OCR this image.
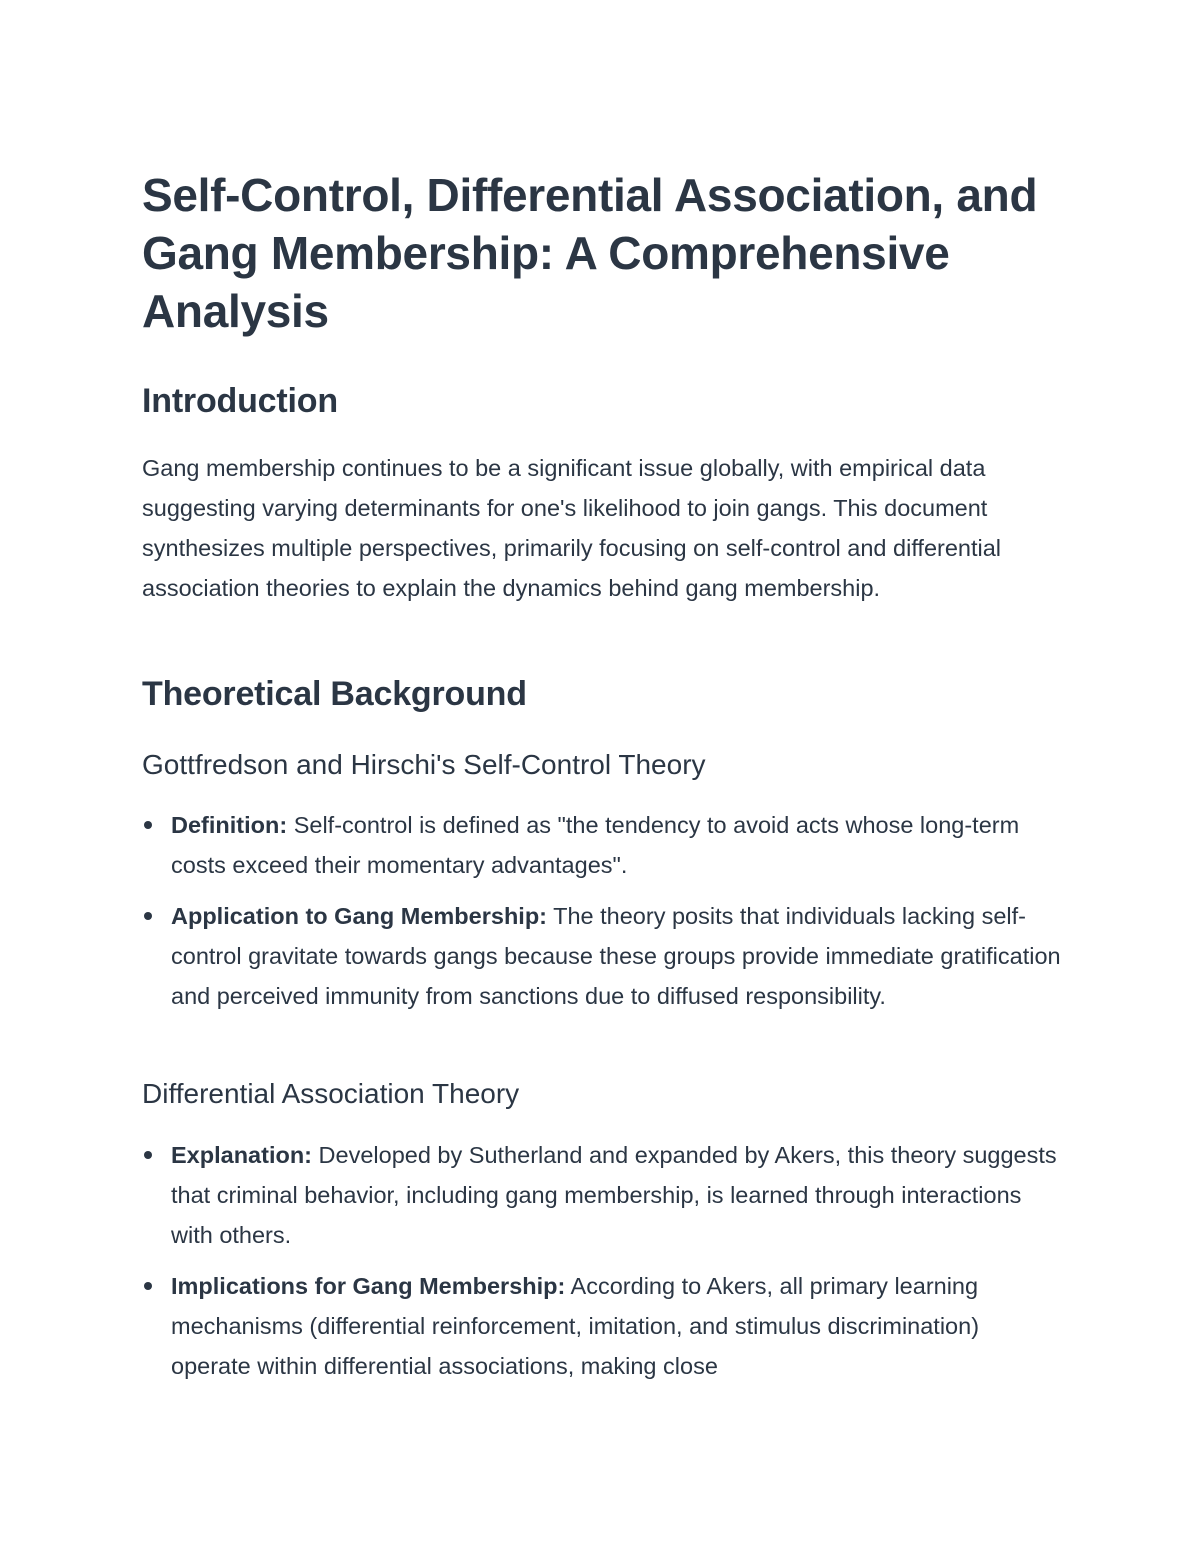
Self-Control, Differential Association, and Gang Membership: A Comprehensive Analysis
Introduction

Gang membership continues to be a significant issue globally, with empirical data suggesting varying determinants for one's likelihood to join gangs. This document synthesizes multiple perspectives, primarily focusing on self-control and differential association theories to explain the dynamics behind gang membership.

Theoretical Background
Gottfredson and Hirschi's Self-Control Theory
Definition: Self-control is defined as "the tendency to avoid acts whose long-term costs exceed their momentary advantages".
Application to Gang Membership: The theory posits that individuals lacking self-control gravitate towards gangs because these groups provide immediate gratification and perceived immunity from sanctions due to diffused responsibility.
Differential Association Theory
Explanation: Developed by Sutherland and expanded by Akers, this theory suggests that criminal behavior, including gang membership, is learned through interactions with others.
Implications for Gang Membership: According to Akers, all primary learning mechanisms (differential reinforcement, imitation, and stimulus discrimination) operate within differential associations, making close
